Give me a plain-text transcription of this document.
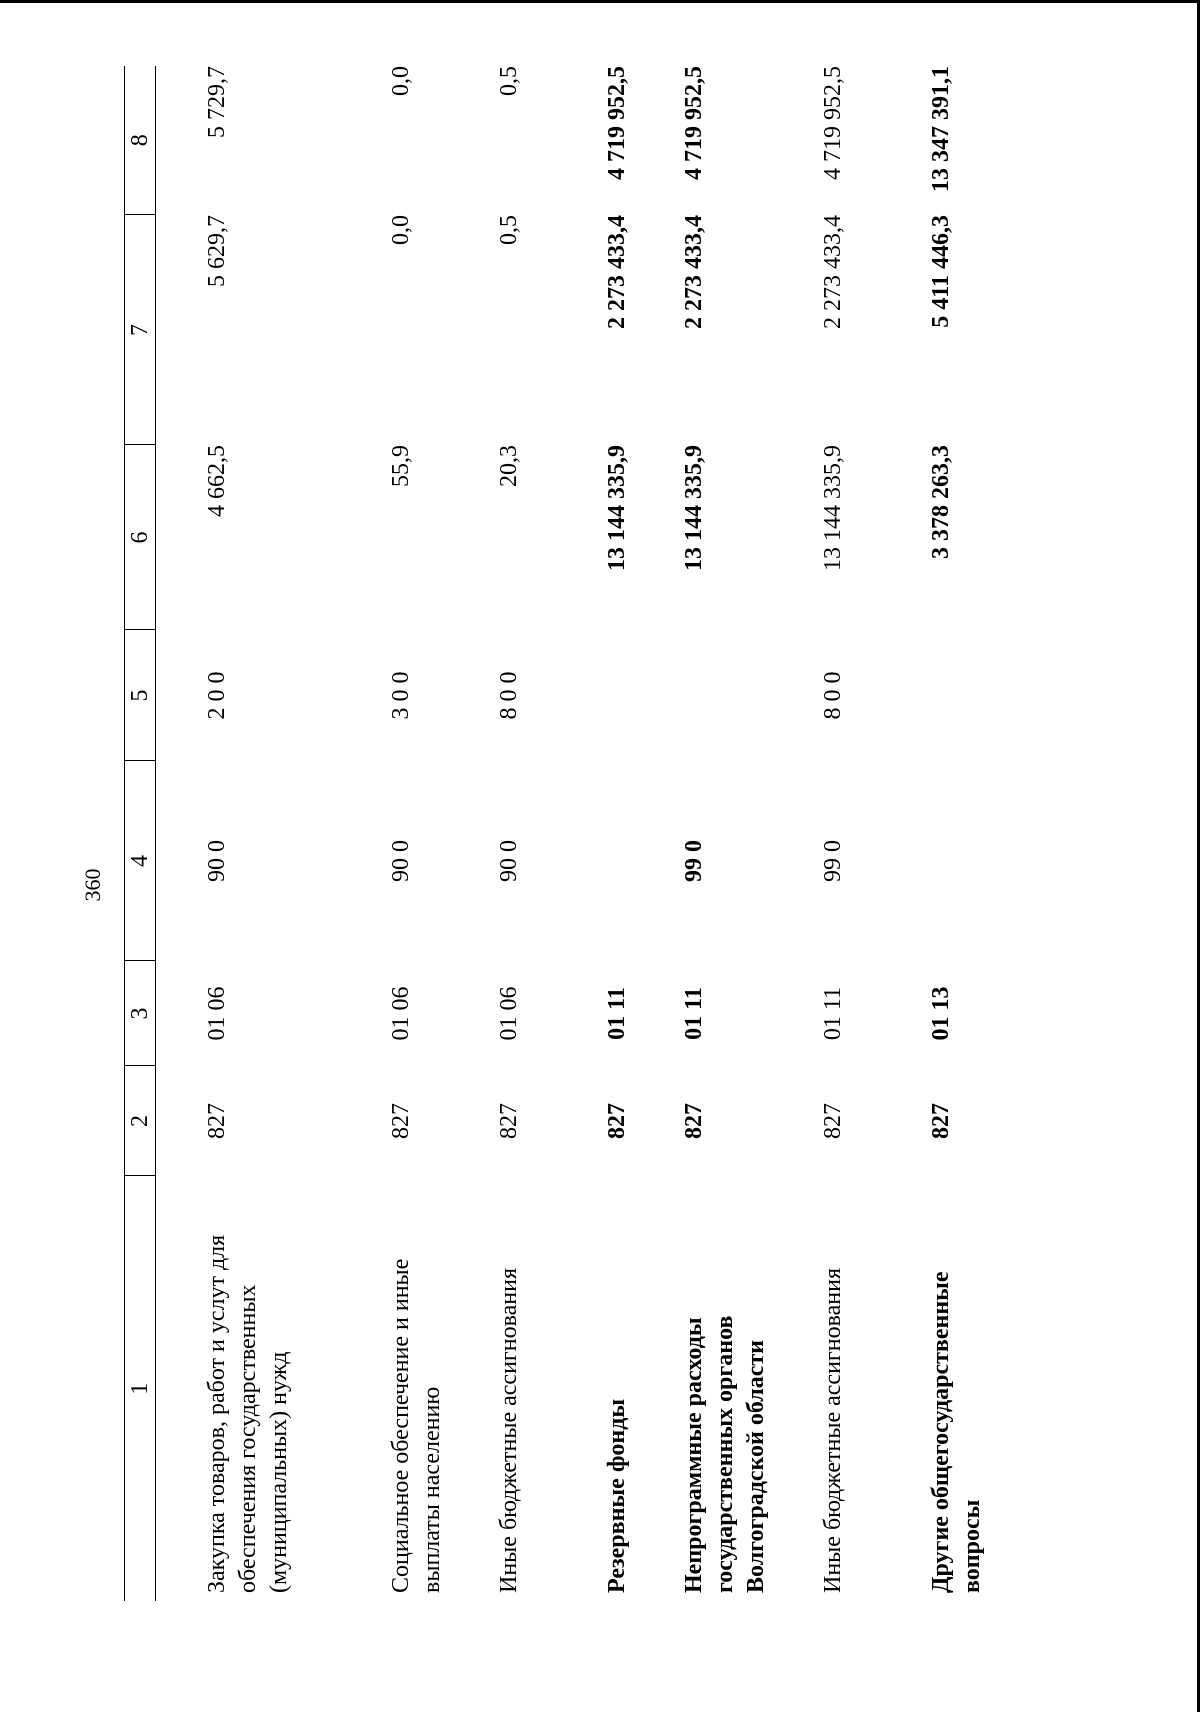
360
1	2	3	4	5	6	7	8

Закупка товаров, работ и услут для обеспечения государственных (муниципальных) нужд	827	01 06	90 0	2 0 0	4 662,5	5 629,7	5 729,7

Социальное обеспечение и иные выплаты населению	827	01 06	90 0	3 0 0	55,9	0,0	0,0

Иные бюджетные ассигнования	827	01 06	90 0	8 0 0	20,3	0,5	0,5

Резервные фонды	827	01 11			13 144 335,9	2 273 433,4	4 719 952,5

Непрограммные расходы государственных органов Волгоградской области	827	01 11	99 0		13 144 335,9	2 273 433,4	4 719 952,5

Иные бюджетные ассигнования	827	01 11	99 0	8 0 0	13 144 335,9	2 273 433,4	4 719 952,5

Другие общегосударственные вопросы	827	01 13			3 378 263,3	5 411 446,3	13 347 391,1
